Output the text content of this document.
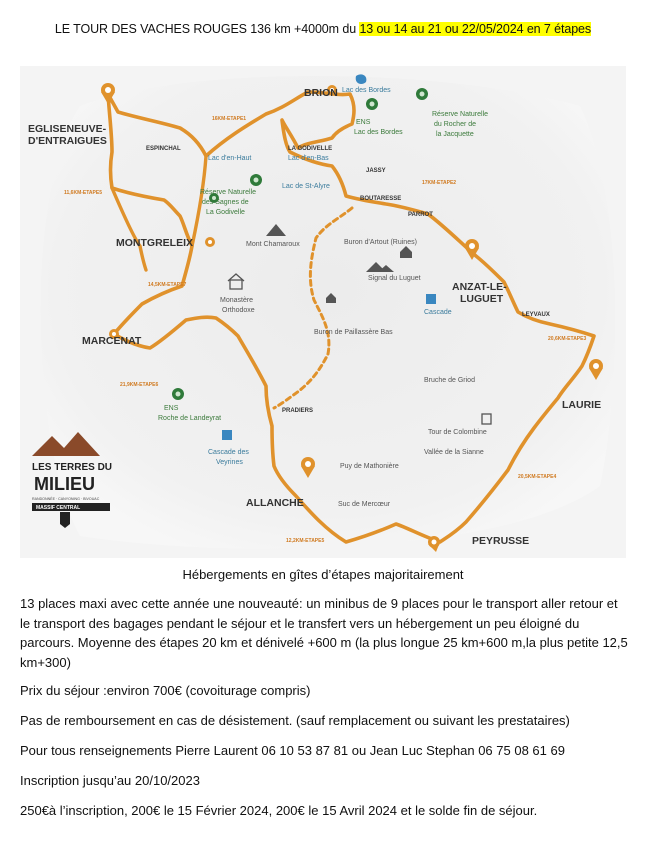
LE TOUR DES VACHES ROUGES 136 km +4000m du 13 ou 14 au 21 ou 22/05/2024 en 7 étapes
BRION
EGLISENEUVE-
D'ENTRAIGUES
MONTGRELEIX
MARCENAT
ANZAT-LE-
LUGUET
LAURIE
ALLANCHE
PEYRUSSE
ESPINCHAL	LA GODIVELLE
JASSY
BOUTARESSE
PARROT
LEYVAUX
PRADIERS
16KM-ETAPE1
17KM-ETAPE2
20,6KM-ETAPE3
20,5KM-ETAPE4
12,2KM-ETAPE5
21,9KM-ETAPE6
14,5KM-ETAPE7
11,6KM-ETAPE5
Lac des Bordes
ENS
Lac des Bordes
Réserve Naturelle
du Rocher de
la Jacquette
Lac d'en-Haut	Lac d'en-Bas
Lac de St-Alyre
Réserve Naturelle
des Sagnes de
La Godivelle
Mont Chamaroux	Buron d'Artout (Ruines)
Signal du Luguet
Cascade
Monastère
Orthodoxe
Buron de Paillassère Bas
Bruche de Griod
ENS
Roche de Landeyrat
Tour de Colombine
Vallée de la Sianne
Cascade des
Veyrines
Puy de Mathonière
Suc de Mercœur
LES TERRES DU
MILIEU
RANDONNÉE · CANYONING · BIVOUAC
MASSIF CENTRAL
Hébergements en gîtes d’étapes majoritairement

13 places maxi avec cette année une nouveauté: un minibus de 9 places pour le transport aller retour et le transport des bagages pendant le séjour et le transfert vers un hébergement un peu éloigné du parcours. Moyenne des étapes 20 km et dénivelé +600 m (la plus longue 25 km+600 m,la plus petite 12,5 km+300)

Prix du séjour :environ 700€ (covoiturage compris)

Pas de remboursement en cas de désistement. (sauf remplacement ou suivant les prestataires)

Pour tous renseignements Pierre Laurent 06 10 53 87 81 ou Jean Luc Stephan 06 75 08 61 69

Inscription jusqu’au 20/10/2023

250€à l’inscription, 200€ le 15 Février 2024, 200€ le 15 Avril 2024 et le solde fin de séjour.
